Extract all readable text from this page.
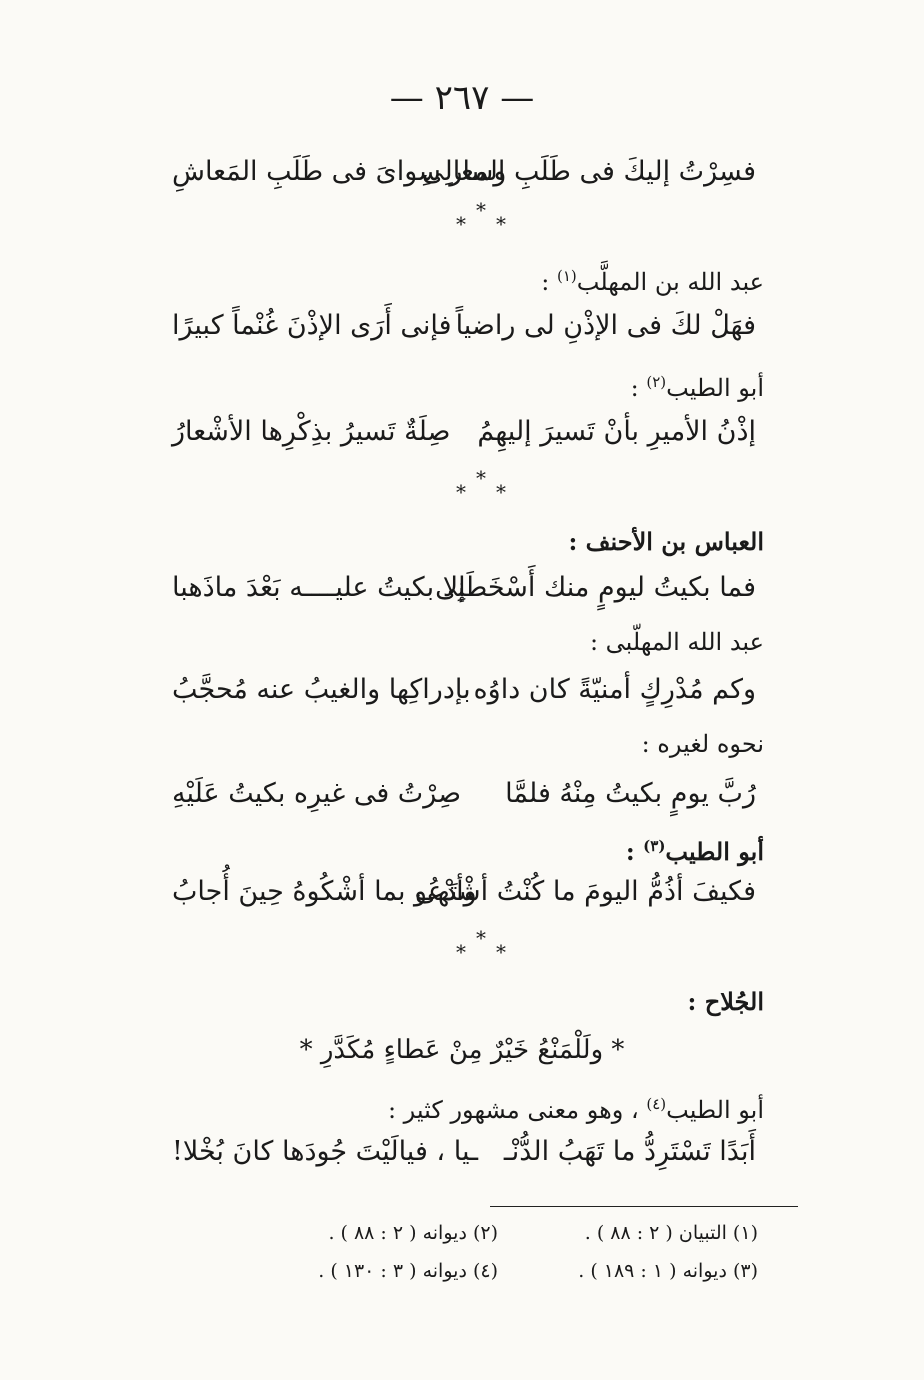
— ٢٦٧ —
فسِرْتُ إليكَ فى طَلَبِ المعالِى
وسار سِواىَ فى طَلَبِ المَعاشِ
*
*
*
عبد الله بن المهلَّب$^{(١)}$ :
فهَلْ لكَ فى الإذْنِ لى راضياً
فإنى أَرَى الإذْنَ غُنْماً كبيرًا
أبو الطيب$^{(٢)}$ :
إذْنُ الأميرِ بأنْ تَسيرَ إليهِمُ
صِلَةٌ تَسيرُ بذِكْرِها الأشْعارُ
*
*
*
العباس بن الأحنف :
فما بكيتُ ليومٍ منك أَسْخَطَنِى
إلا بكيتُ عليــــه بَعْدَ ماذَهبا
عبد الله المهلّبى :
وكم مُدْرِكٍ أمنيّةً كان داوُه
بإدراكِها والغيبُ عنه مُحجَّبُ
نحوه لغيره :
رُبَّ يومٍ بكيتُ مِنْهُ فلمَّا
صِرْتُ فى غيرِه بكيتُ عَلَيْهِ
أبو الطيب$^{(٣)}$ :
فكيفَ أذُمُّ اليومَ ما كُنْتُ أشْتَهى
وأدْعُو بما أشْكُوهُ حِينَ أُجابُ
*
*
*
الجُلاح :
* ولَلْمَنْعُ خَيْرٌ مِنْ عَطاءٍ مُكَدَّرِ *
أبو الطيب$^{(٤)}$ ، وهو معنى مشهور كثير :
أَبَدًا تَسْتَرِدُّ ما تَهَبُ الدُّنْـ
ـيا ، فيالَيْتَ جُودَها كانَ بُخْلا!
(١) التبيان ( ٢ : ٨٨ ) .
(٢) ديوانه ( ٢ : ٨٨ ) .
(٣) ديوانه ( ١ : ١٨٩ ) .
(٤) ديوانه ( ٣ : ١٣٠ ) .
